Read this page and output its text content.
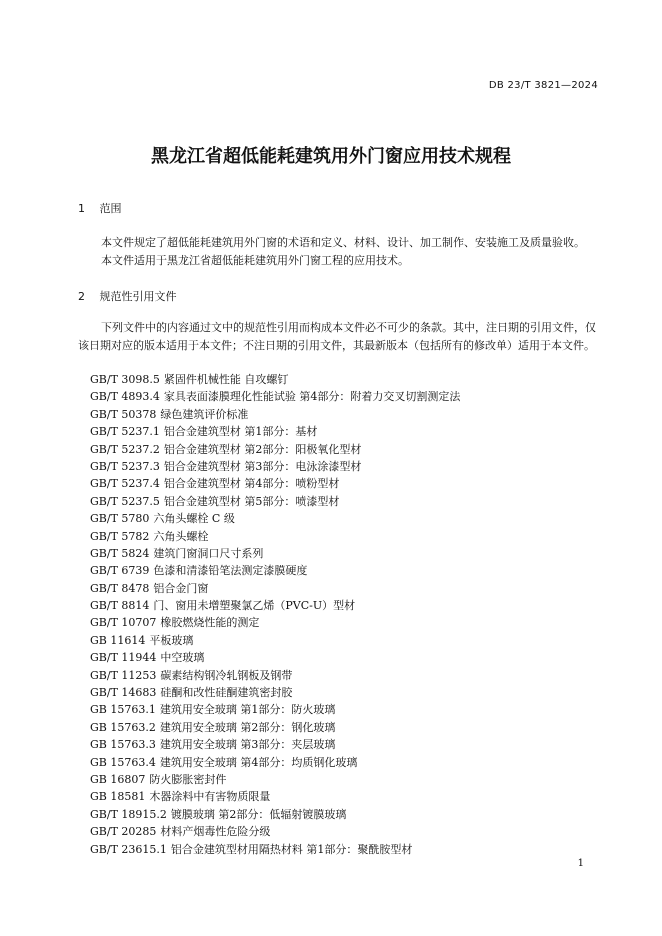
DB 23/T 3821—2024
黑龙江省超低能耗建筑用外门窗应用技术规程
1 范围
本文件规定了超低能耗建筑用外门窗的术语和定义、材料、设计、加工制作、安装施工及质量验收。
本文件适用于黑龙江省超低能耗建筑用外门窗工程的应用技术。
2 规范性引用文件
下列文件中的内容通过文中的规范性引用而构成本文件必不可少的条款。其中，注日期的引用文件，仅该日期对应的版本适用于本文件；不注日期的引用文件，其最新版本（包括所有的修改单）适用于本文件。
GB/T 3098.5 紧固件机械性能 自攻螺钉
GB/T 4893.4 家具表面漆膜理化性能试验 第4部分：附着力交叉切割测定法
GB/T 50378 绿色建筑评价标准
GB/T 5237.1 铝合金建筑型材 第1部分：基材
GB/T 5237.2 铝合金建筑型材 第2部分：阳极氧化型材
GB/T 5237.3 铝合金建筑型材 第3部分：电泳涂漆型材
GB/T 5237.4 铝合金建筑型材 第4部分：喷粉型材
GB/T 5237.5 铝合金建筑型材 第5部分：喷漆型材
GB/T 5780 六角头螺栓 C 级
GB/T 5782 六角头螺栓
GB/T 5824 建筑门窗洞口尺寸系列
GB/T 6739 色漆和清漆铅笔法测定漆膜硬度
GB/T 8478 铝合金门窗
GB/T 8814 门、窗用未增塑聚氯乙烯（PVC-U）型材
GB/T 10707 橡胶燃烧性能的测定
GB 11614 平板玻璃
GB/T 11944 中空玻璃
GB/T 11253 碳素结构钢冷轧钢板及钢带
GB/T 14683 硅酮和改性硅酮建筑密封胶
GB 15763.1 建筑用安全玻璃 第1部分：防火玻璃
GB 15763.2 建筑用安全玻璃 第2部分：钢化玻璃
GB 15763.3 建筑用安全玻璃 第3部分：夹层玻璃
GB 15763.4 建筑用安全玻璃 第4部分：均质钢化玻璃
GB 16807 防火膨胀密封件
GB 18581 木器涂料中有害物质限量
GB/T 18915.2 镀膜玻璃 第2部分：低辐射镀膜玻璃
GB/T 20285 材料产烟毒性危险分级
GB/T 23615.1 铝合金建筑型材用隔热材料 第1部分：聚酰胺型材
1
